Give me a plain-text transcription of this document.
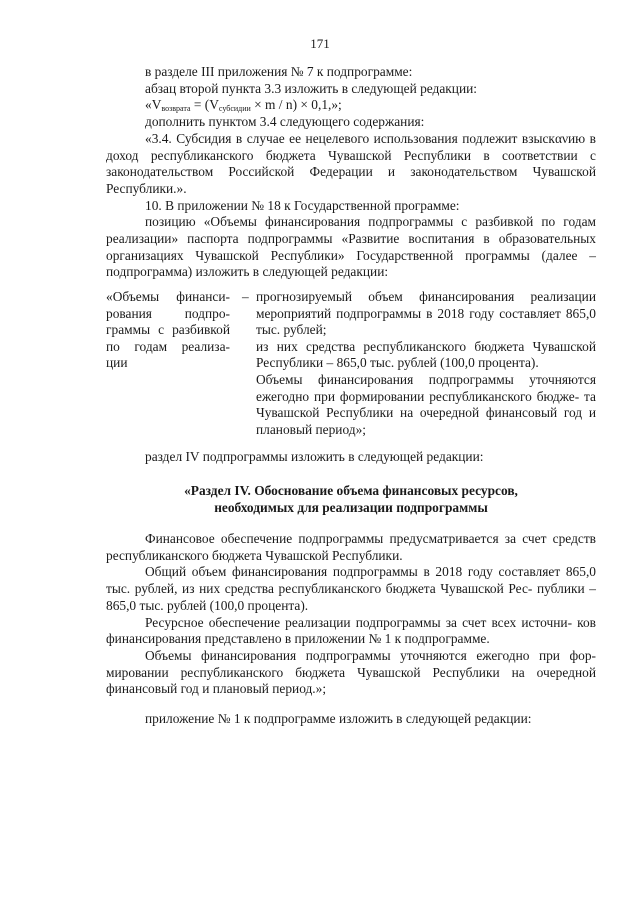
171

в разделе III приложения № 7 к подпрограмме:

абзац второй пункта 3.3 изложить в следующей редакции:

«$V_{возврата} = (V_{субсидии} \times m / n) \times 0,1$,»;

дополнить пунктом 3.4 следующего содержания:

«3.4. Субсидия в случае ее нецелевого использования подлежит взыскανию в доход республиканского бюджета Чувашской Республики в соответствии с законодательством Российской Федерации и законодательством Чувашской Республики.».

10. В приложении № 18 к Государственной программе:

позицию «Объемы финансирования подпрограммы с разбивкой по годам реализации» паспорта подпрограммы «Развитие воспитания в образовательных организациях Чувашской Республики» Государственной программы (далее – подпрограмма) изложить в следующей редакции:

«Объемы финанси- рования подпро- граммы с разбивкой по годам реализа- ции

– прогнозируемый объем финансирования реализации мероприятий подпрограммы в 2018 году составляет 865,0 тыс. рублей;

из них средства республиканского бюджета Чувашской Республики – 865,0 тыс. рублей (100,0 процента).

Объемы финансирования подпрограммы уточняются ежегодно при формировании республиканского бюдже- та Чувашской Республики на очередной финансовый год и плановый период»;

раздел IV подпрограммы изложить в следующей редакции:

«Раздел IV. Обоснование объема финансовых ресурсов,
необходимых для реализации подпрограммы

Финансовое обеспечение подпрограммы предусматривается за счет средств республиканского бюджета Чувашской Республики.

Общий объем финансирования подпрограммы в 2018 году составляет 865,0 тыс. рублей, из них средства республиканского бюджета Чувашской Рес- публики – 865,0 тыс. рублей (100,0 процента).

Ресурсное обеспечение реализации подпрограммы за счет всех источни- ков финансирования представлено в приложении № 1 к подпрограмме.

Объемы финансирования подпрограммы уточняются ежегодно при фор- мировании республиканского бюджета Чувашской Республики на очередной финансовый год и плановый период.»;

приложение № 1 к подпрограмме изложить в следующей редакции:
